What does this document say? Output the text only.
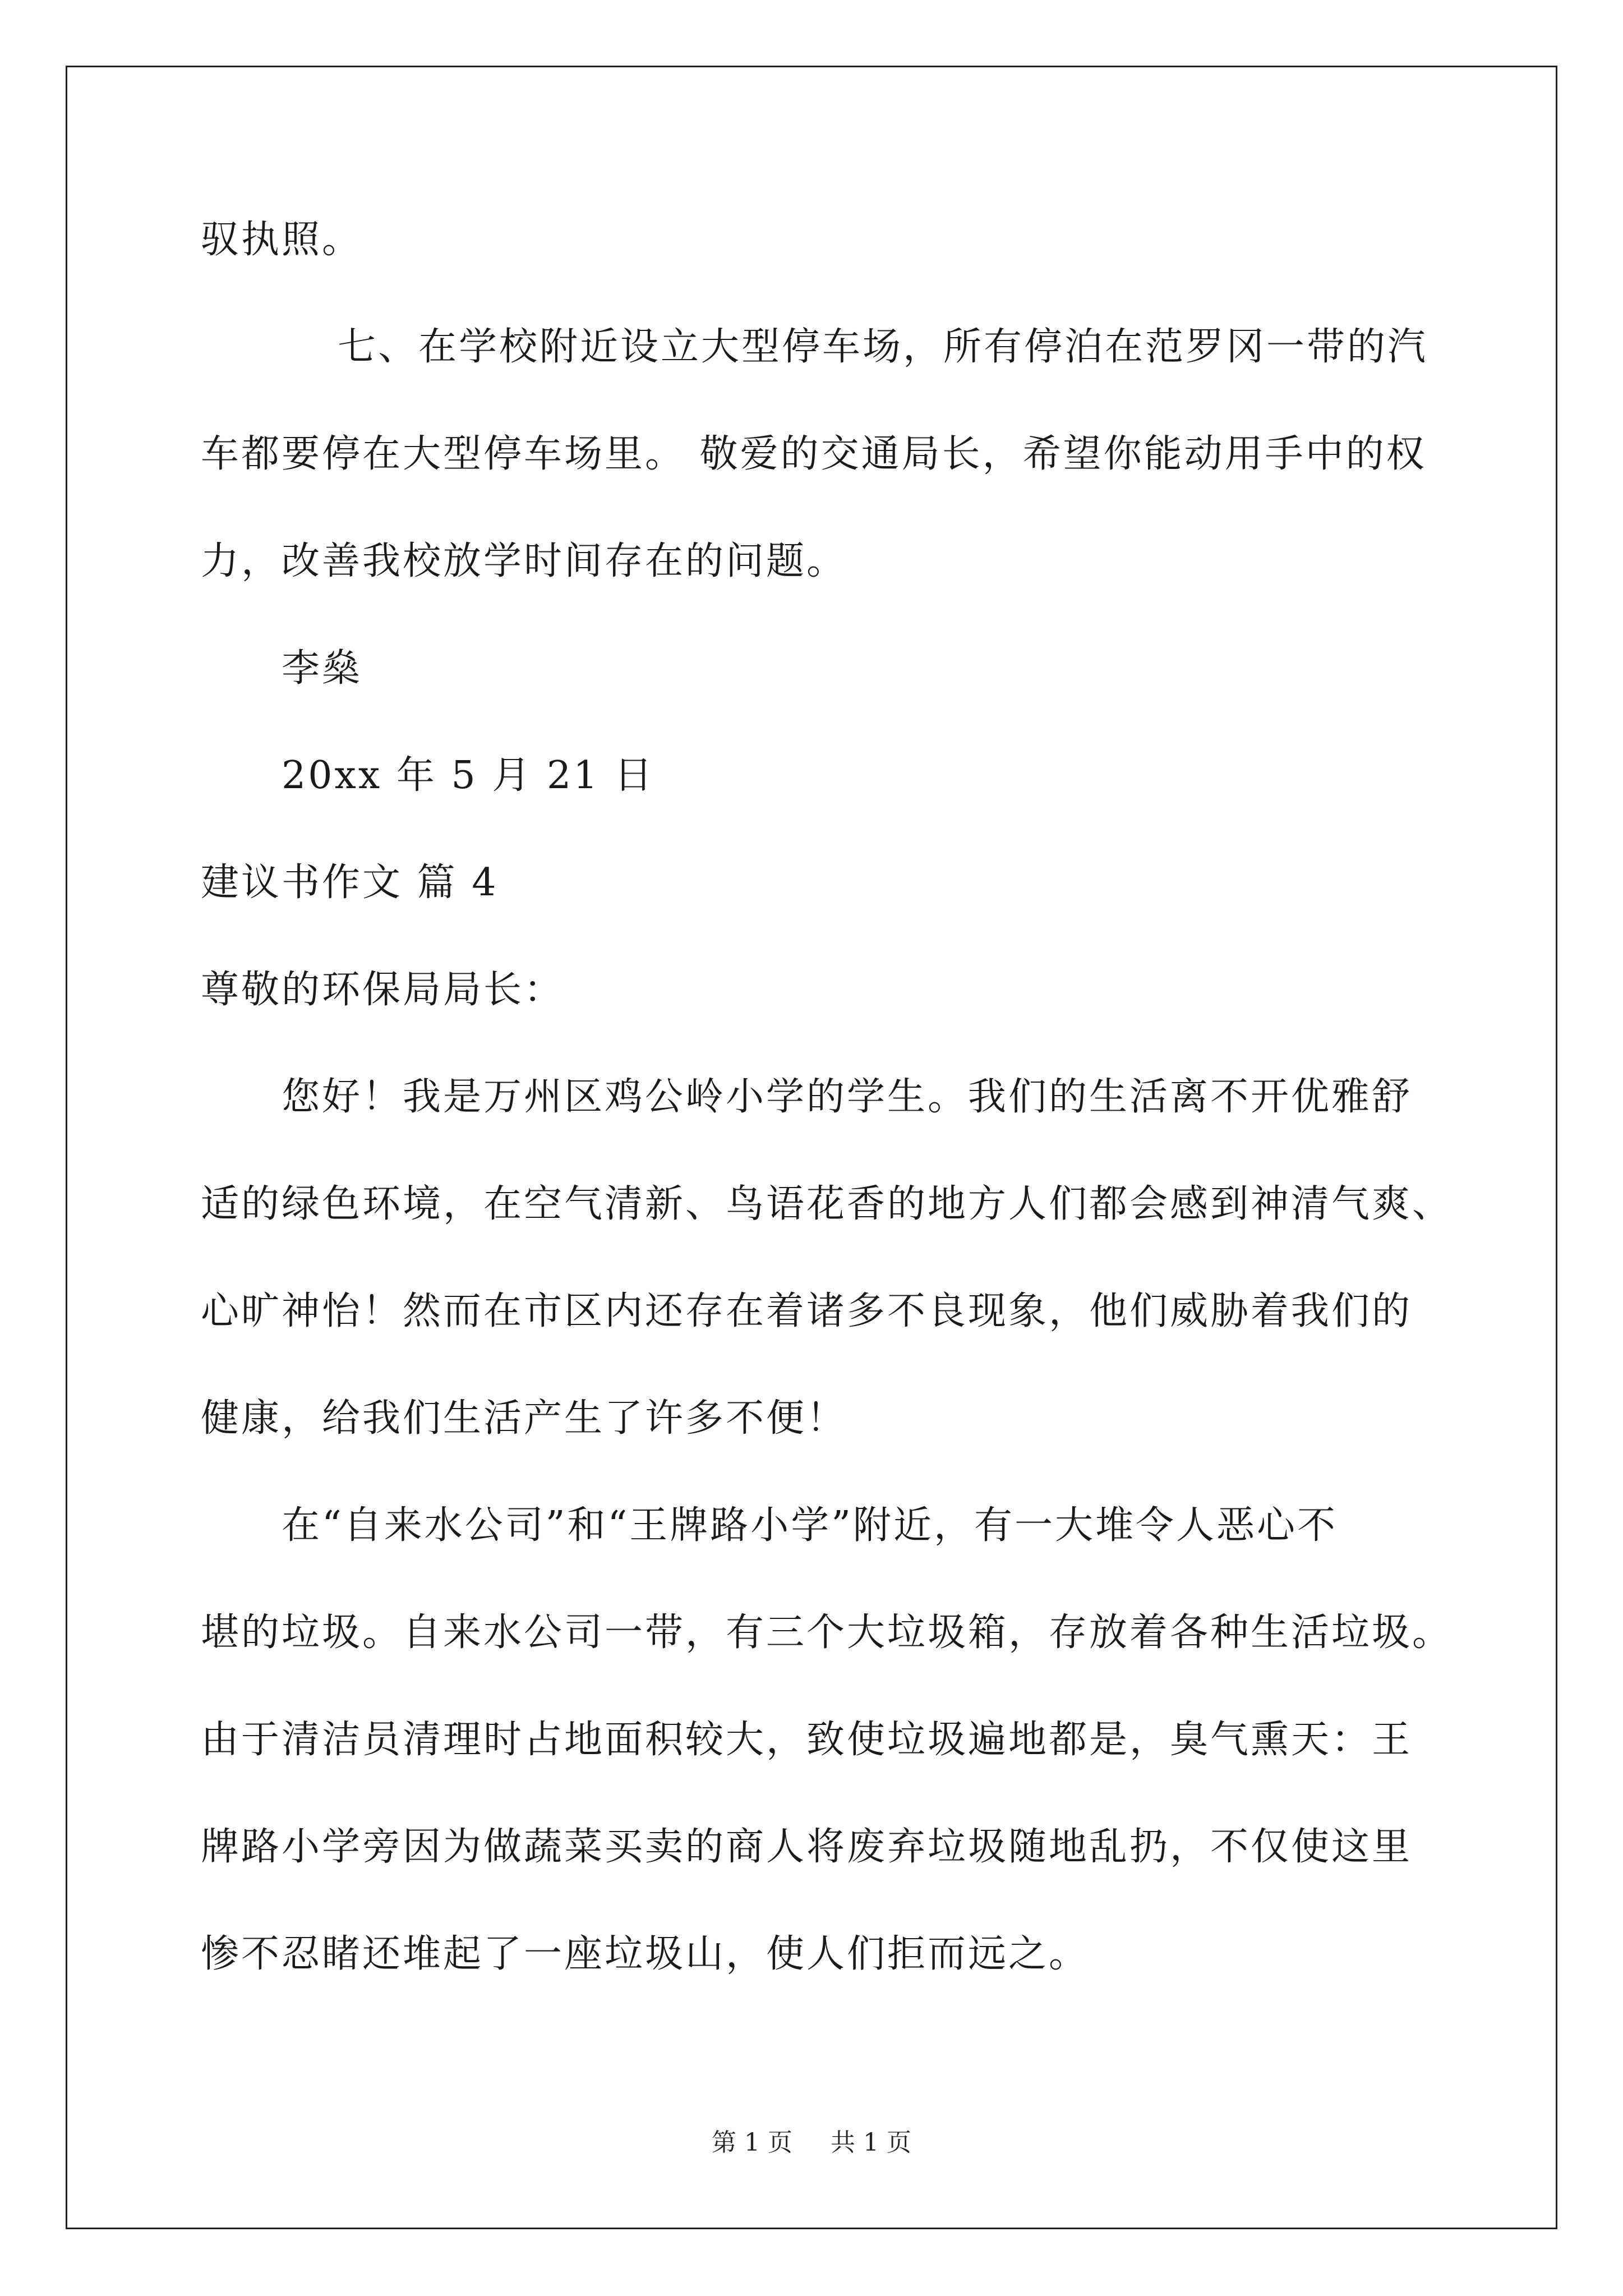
驭执照。
七、在学校附近设立大型停车场，所有停泊在范罗冈一带的汽
车都要停在大型停车场里。 敬爱的交通局长，希望你能动用手中的权
力，改善我校放学时间存在的问题。
李燊
20xx 年 5 月 21 日
建议书作文 篇 4
尊敬的环保局局长：
您好！我是万州区鸡公岭小学的学生。我们的生活离不开优雅舒
适的绿色环境，在空气清新、鸟语花香的地方人们都会感到神清气爽、
心旷神怡！然而在市区内还存在着诸多不良现象，他们威胁着我们的
健康，给我们生活产生了许多不便！
在“自来水公司”和“王牌路小学”附近，有一大堆令人恶心不
堪的垃圾。自来水公司一带，有三个大垃圾箱，存放着各种生活垃圾。
由于清洁员清理时占地面积较大，致使垃圾遍地都是，臭气熏天：王
牌路小学旁因为做蔬菜买卖的商人将废弃垃圾随地乱扔，不仅使这里
惨不忍睹还堆起了一座垃圾山，使人们拒而远之。
第 1 页 共 1 页
